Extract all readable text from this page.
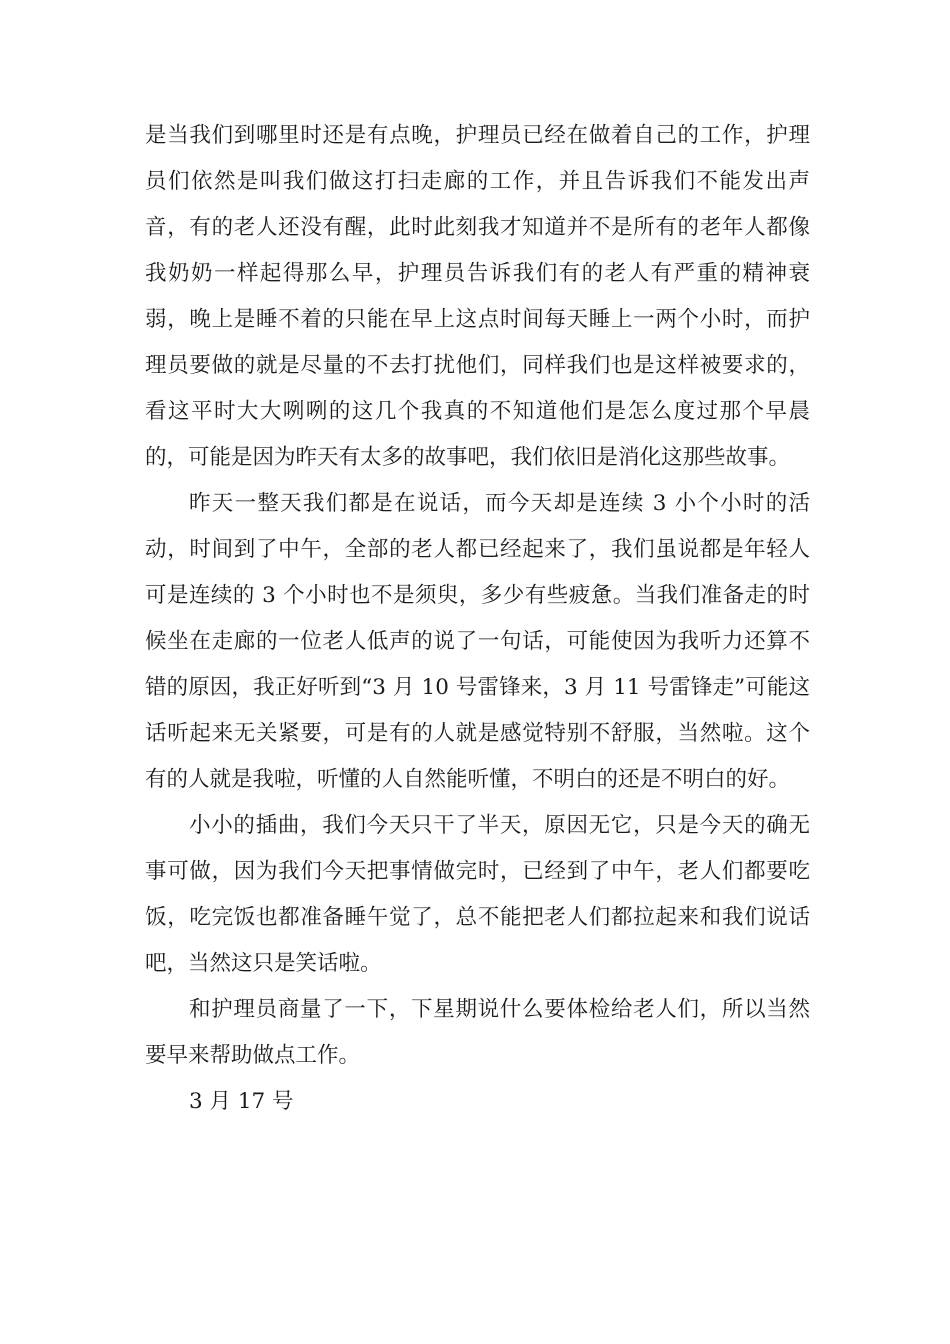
是当我们到哪里时还是有点晚，护理员已经在做着自己的工作，护理员们依然是叫我们做这打扫走廊的工作，并且告诉我们不能发出声音，有的老人还没有醒，此时此刻我才知道并不是所有的老年人都像我奶奶一样起得那么早，护理员告诉我们有的老人有严重的精神衰弱，晚上是睡不着的只能在早上这点时间每天睡上一两个小时，而护理员要做的就是尽量的不去打扰他们，同样我们也是这样被要求的，看这平时大大咧咧的这几个我真的不知道他们是怎么度过那个早晨的，可能是因为昨天有太多的故事吧，我们依旧是消化这那些故事。

昨天一整天我们都是在说话，而今天却是连续 3 小个小时的活动，时间到了中午，全部的老人都已经起来了，我们虽说都是年轻人可是连续的 3 个小时也不是须臾，多少有些疲惫。当我们准备走的时候坐在走廊的一位老人低声的说了一句话，可能使因为我听力还算不错的原因，我正好听到“3 月 10 号雷锋来，3 月 11 号雷锋走”可能这话听起来无关紧要，可是有的人就是感觉特别不舒服，当然啦。这个有的人就是我啦，听懂的人自然能听懂，不明白的还是不明白的好。

小小的插曲，我们今天只干了半天，原因无它，只是今天的确无事可做，因为我们今天把事情做完时，已经到了中午，老人们都要吃饭，吃完饭也都准备睡午觉了，总不能把老人们都拉起来和我们说话吧，当然这只是笑话啦。

和护理员商量了一下，下星期说什么要体检给老人们，所以当然要早来帮助做点工作。

3 月 17 号
